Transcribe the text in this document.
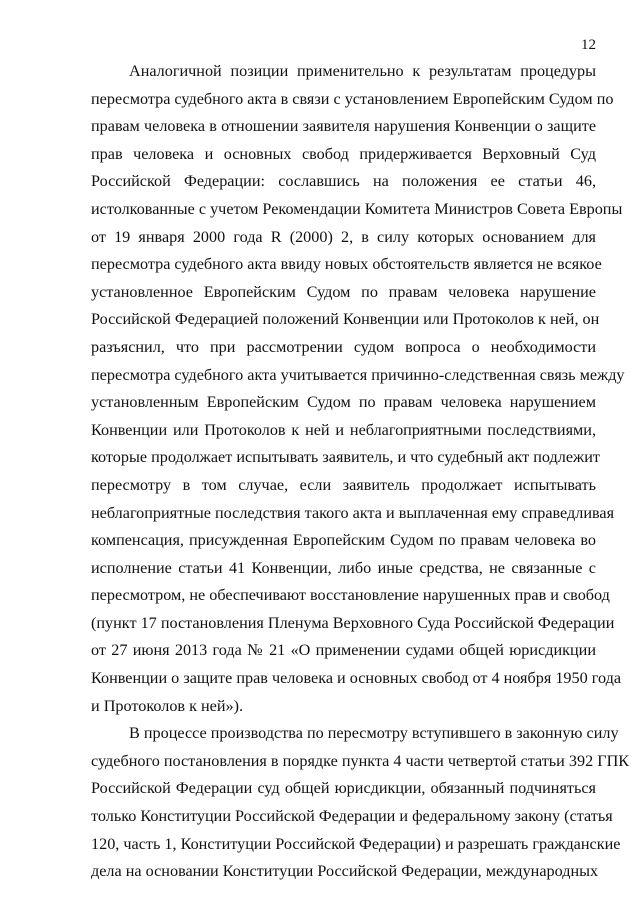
12

Аналогичной позиции применительно к результатам процедуры
пересмотра судебного акта в связи с установлением Европейским Судом по
правам человека в отношении заявителя нарушения Конвенции о защите
прав человека и основных свобод придерживается Верховный Суд
Российской Федерации: сославшись на положения ее статьи 46,
истолкованные с учетом Рекомендации Комитета Министров Совета Европы
от 19 января 2000 года R (2000) 2, в силу которых основанием для
пересмотра судебного акта ввиду новых обстоятельств является не всякое
установленное Европейским Судом по правам человека нарушение
Российской Федерацией положений Конвенции или Протоколов к ней, он
разъяснил, что при рассмотрении судом вопроса о необходимости
пересмотра судебного акта учитывается причинно-следственная связь между
установленным Европейским Судом по правам человека нарушением
Конвенции или Протоколов к ней и неблагоприятными последствиями,
которые продолжает испытывать заявитель, и что судебный акт подлежит
пересмотру в том случае, если заявитель продолжает испытывать
неблагоприятные последствия такого акта и выплаченная ему справедливая
компенсация, присужденная Европейским Судом по правам человека во
исполнение статьи 41 Конвенции, либо иные средства, не связанные с
пересмотром, не обеспечивают восстановление нарушенных прав и свобод
(пункт 17 постановления Пленума Верховного Суда Российской Федерации
от 27 июня 2013 года № 21 «О применении судами общей юрисдикции
Конвенции о защите прав человека и основных свобод от 4 ноября 1950 года
и Протоколов к ней»).

В процессе производства по пересмотру вступившего в законную силу
судебного постановления в порядке пункта 4 части четвертой статьи 392 ГПК
Российской Федерации суд общей юрисдикции, обязанный подчиняться
только Конституции Российской Федерации и федеральному закону (статья
120, часть 1, Конституции Российской Федерации) и разрешать гражданские
дела на основании Конституции Российской Федерации, международных
